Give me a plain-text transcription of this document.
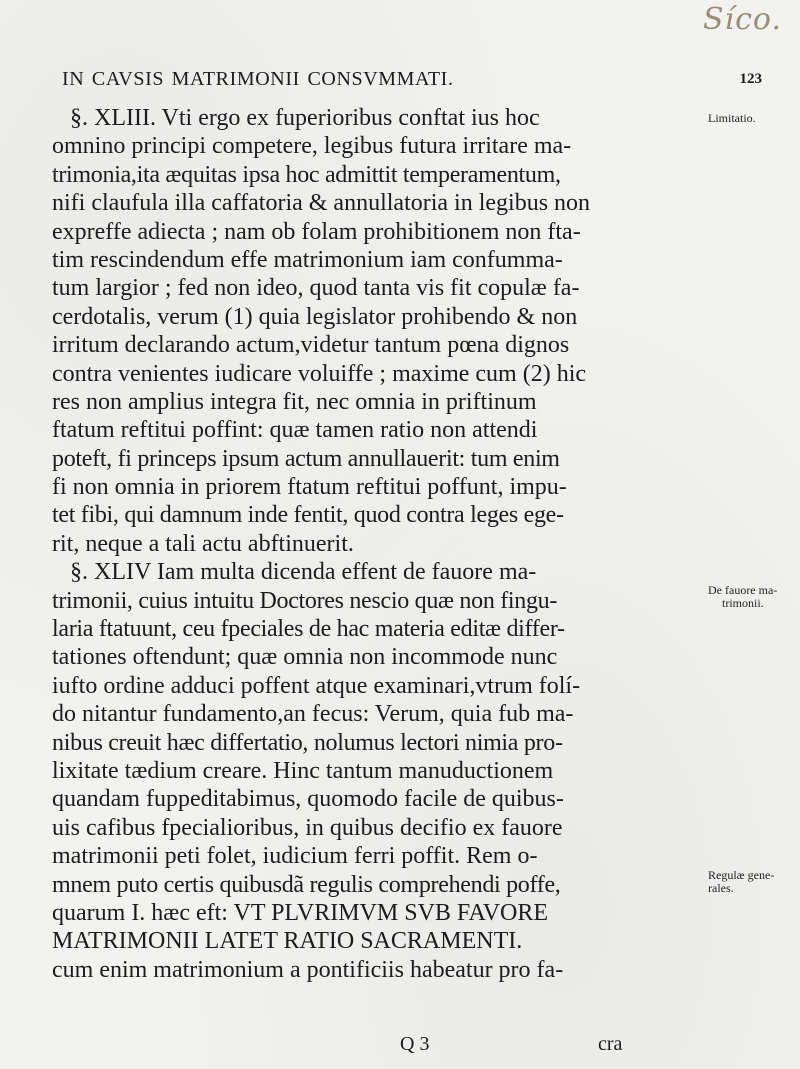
Síco.
IN CAVSIS MATRIMONII CONSVMMATI.	123
§. XLIII. Vti ergo ex fuperioribus conftat ius hoc
omnino principi competere, legibus futura irritare ma-
trimonia,ita æquitas ipsa hoc admittit temperamentum,
nifi claufula illa caffatoria & annullatoria in legibus non
expreffe adiecta ; nam ob folam prohibitionem non fta-
tim rescindendum effe matrimonium iam confumma-
tum largior ; fed non ideo, quod tanta vis fit copulæ fa-
cerdotalis, verum (1) quia legislator prohibendo & non
irritum declarando actum,videtur tantum pœna dignos
contra venientes iudicare voluiffe ; maxime cum (2) hic
res non amplius integra fit, nec omnia in priftinum
ftatum reftitui poffint: quæ tamen ratio non attendi
poteft, fi princeps ipsum actum annullauerit: tum enim
fi non omnia in priorem ftatum reftitui poffunt, impu-
tet fibi, qui damnum inde fentit, quod contra leges ege-
rit, neque a tali actu abftinuerit.
§. XLIV Iam multa dicenda effent de fauore ma-
trimonii, cuius intuitu Doctores nescio quæ non fingu-
laria ftatuunt, ceu fpeciales de hac materia editæ differ-
tationes oftendunt; quæ omnia non incommode nunc
iufto ordine adduci poffent atque examinari,vtrum folí-
do nitantur fundamento,an fecus: Verum, quia fub ma-
nibus creuit hæc differtatio, nolumus lectori nimia pro-
lixitate tædium creare. Hinc tantum manuductionem
quandam fuppeditabimus, quomodo facile de quibus-
uis cafibus fpecialioribus, in quibus decifio ex fauore
matrimonii peti folet, iudicium ferri poffit. Rem o-
mnem puto certis quibusdã regulis comprehendi poffe,
quarum I. hæc eft: VT PLVRIMVM SVB FAVORE
MATRIMONII LATET RATIO SACRAMENTI.
cum enim matrimonium a pontificiis habeatur pro fa-
Limitatio.
De fauore ma-
trimonii.
Regulæ gene-
rales.
Q 3	cra
